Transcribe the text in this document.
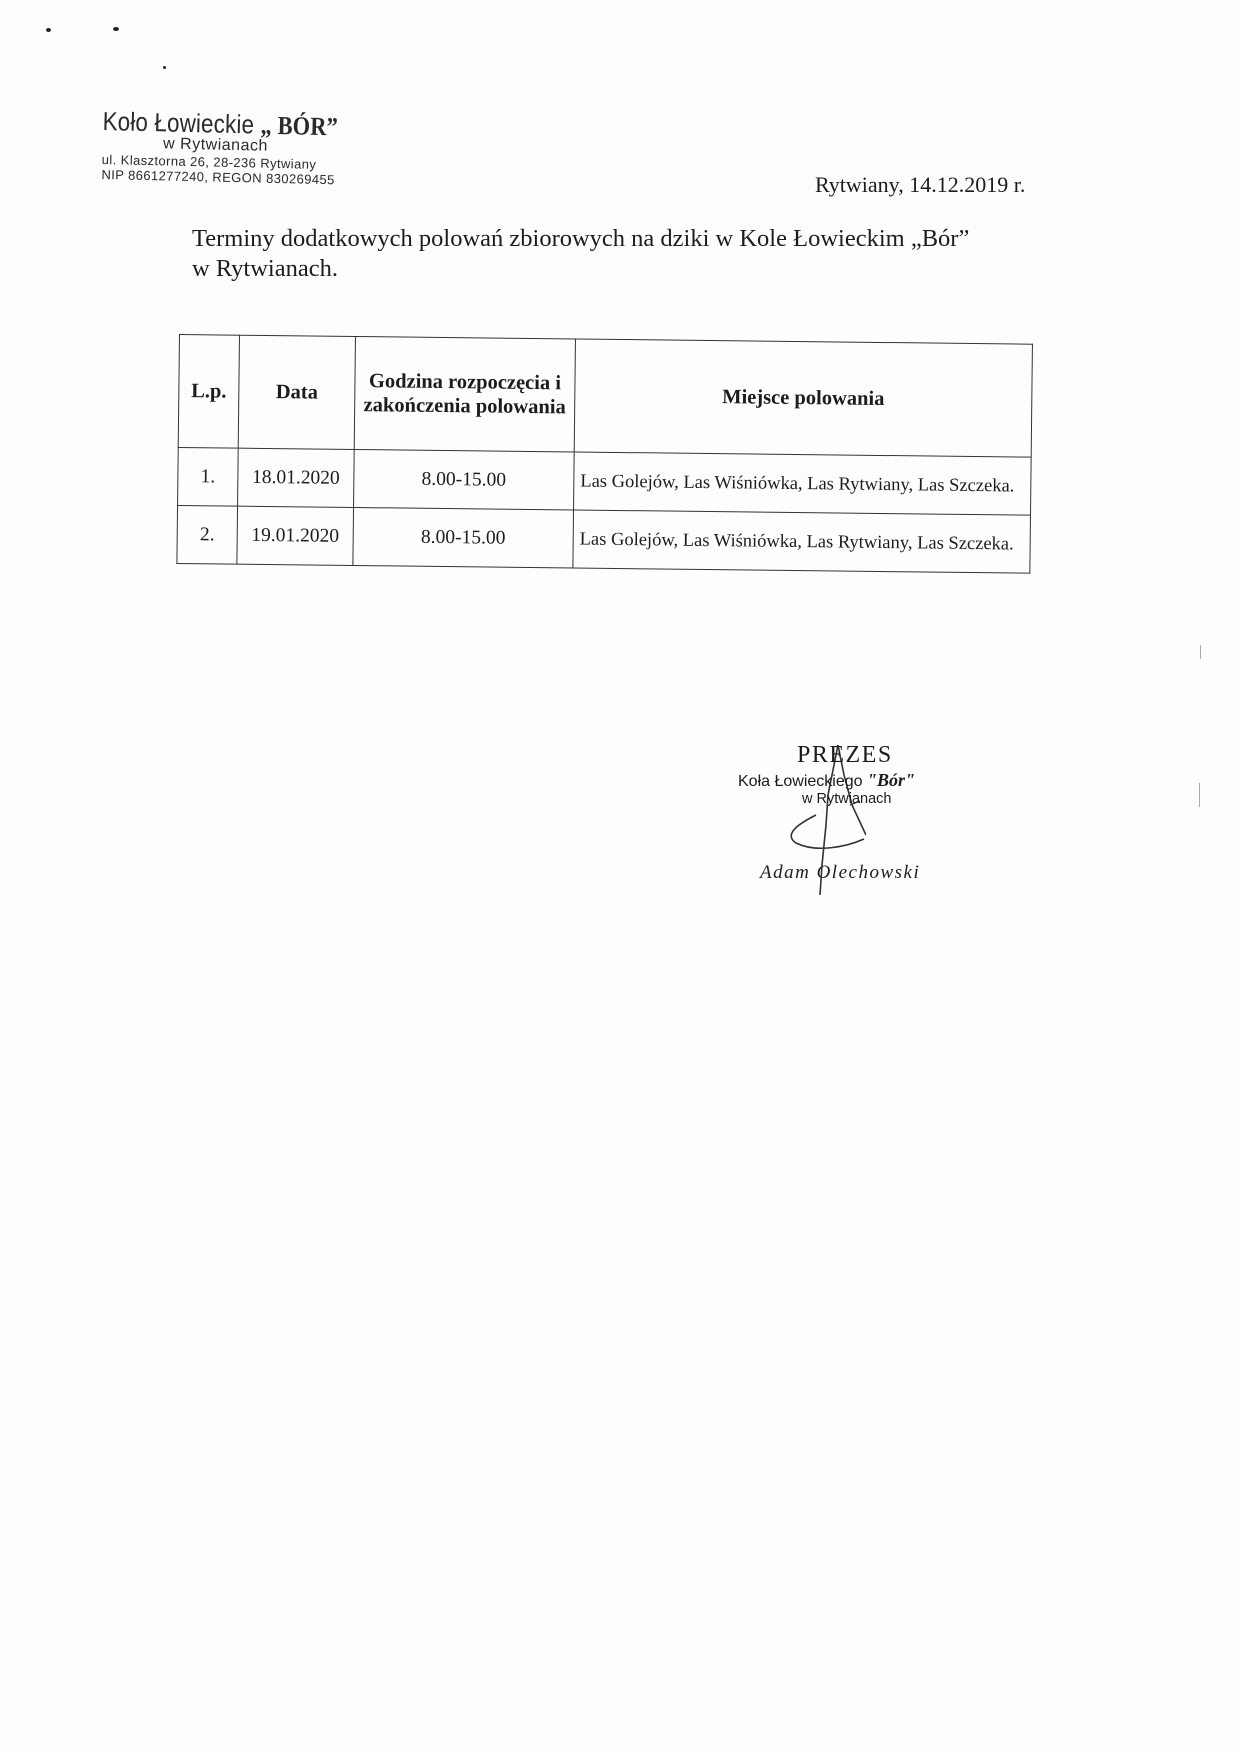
Koło Łowieckie „ BÓR”
w Rytwianach
ul. Klasztorna 26, 28-236 Rytwiany
NIP 8661277240, REGON 830269455	Rytwiany, 14.12.2019 r.
Terminy dodatkowych polowań zbiorowych na dziki w Kole Łowieckim „Bór”
w Rytwianach.
L.p.	Data	Godzina rozpoczęcia i zakończenia polowania	Miejsce polowania
1.	18.01.2020	8.00-15.00	Las Golejów, Las Wiśniówka, Las Rytwiany, Las Szczeka.
2.	19.01.2020	8.00-15.00	Las Golejów, Las Wiśniówka, Las Rytwiany, Las Szczeka.
PREZES
Koła Łowieckiego "Bór"
w Rytwianach
Adam Olechowski
